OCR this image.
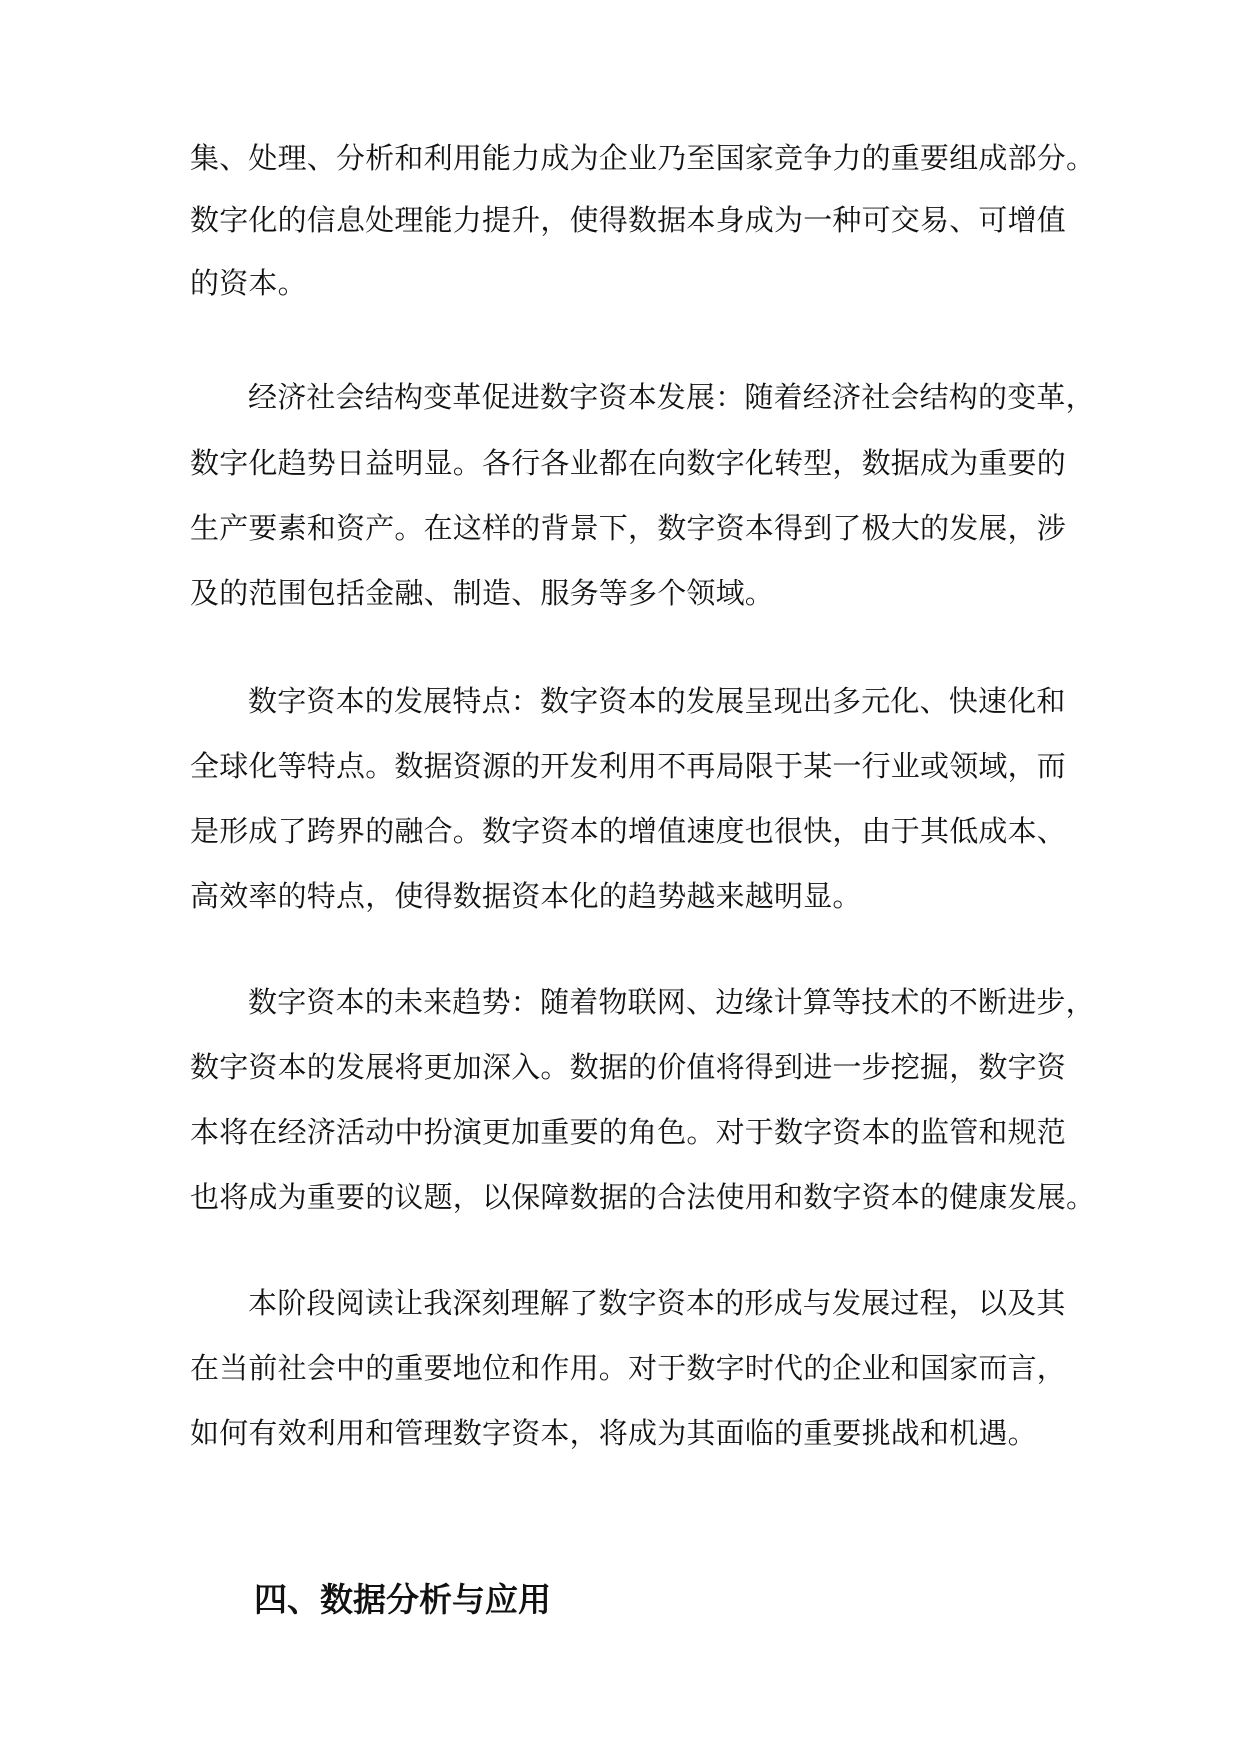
集、处理、分析和利用能力成为企业乃至国家竞争力的重要组成部分。
数字化的信息处理能力提升，使得数据本身成为一种可交易、可增值
的资本。
经济社会结构变革促进数字资本发展：随着经济社会结构的变革，
数字化趋势日益明显。各行各业都在向数字化转型，数据成为重要的
生产要素和资产。在这样的背景下，数字资本得到了极大的发展，涉
及的范围包括金融、制造、服务等多个领域。
数字资本的发展特点：数字资本的发展呈现出多元化、快速化和
全球化等特点。数据资源的开发利用不再局限于某一行业或领域，而
是形成了跨界的融合。数字资本的增值速度也很快，由于其低成本、
高效率的特点，使得数据资本化的趋势越来越明显。
数字资本的未来趋势：随着物联网、边缘计算等技术的不断进步，
数字资本的发展将更加深入。数据的价值将得到进一步挖掘，数字资
本将在经济活动中扮演更加重要的角色。对于数字资本的监管和规范
也将成为重要的议题，以保障数据的合法使用和数字资本的健康发展。
本阶段阅读让我深刻理解了数字资本的形成与发展过程，以及其
在当前社会中的重要地位和作用。对于数字时代的企业和国家而言，
如何有效利用和管理数字资本，将成为其面临的重要挑战和机遇。
四、数据分析与应用
